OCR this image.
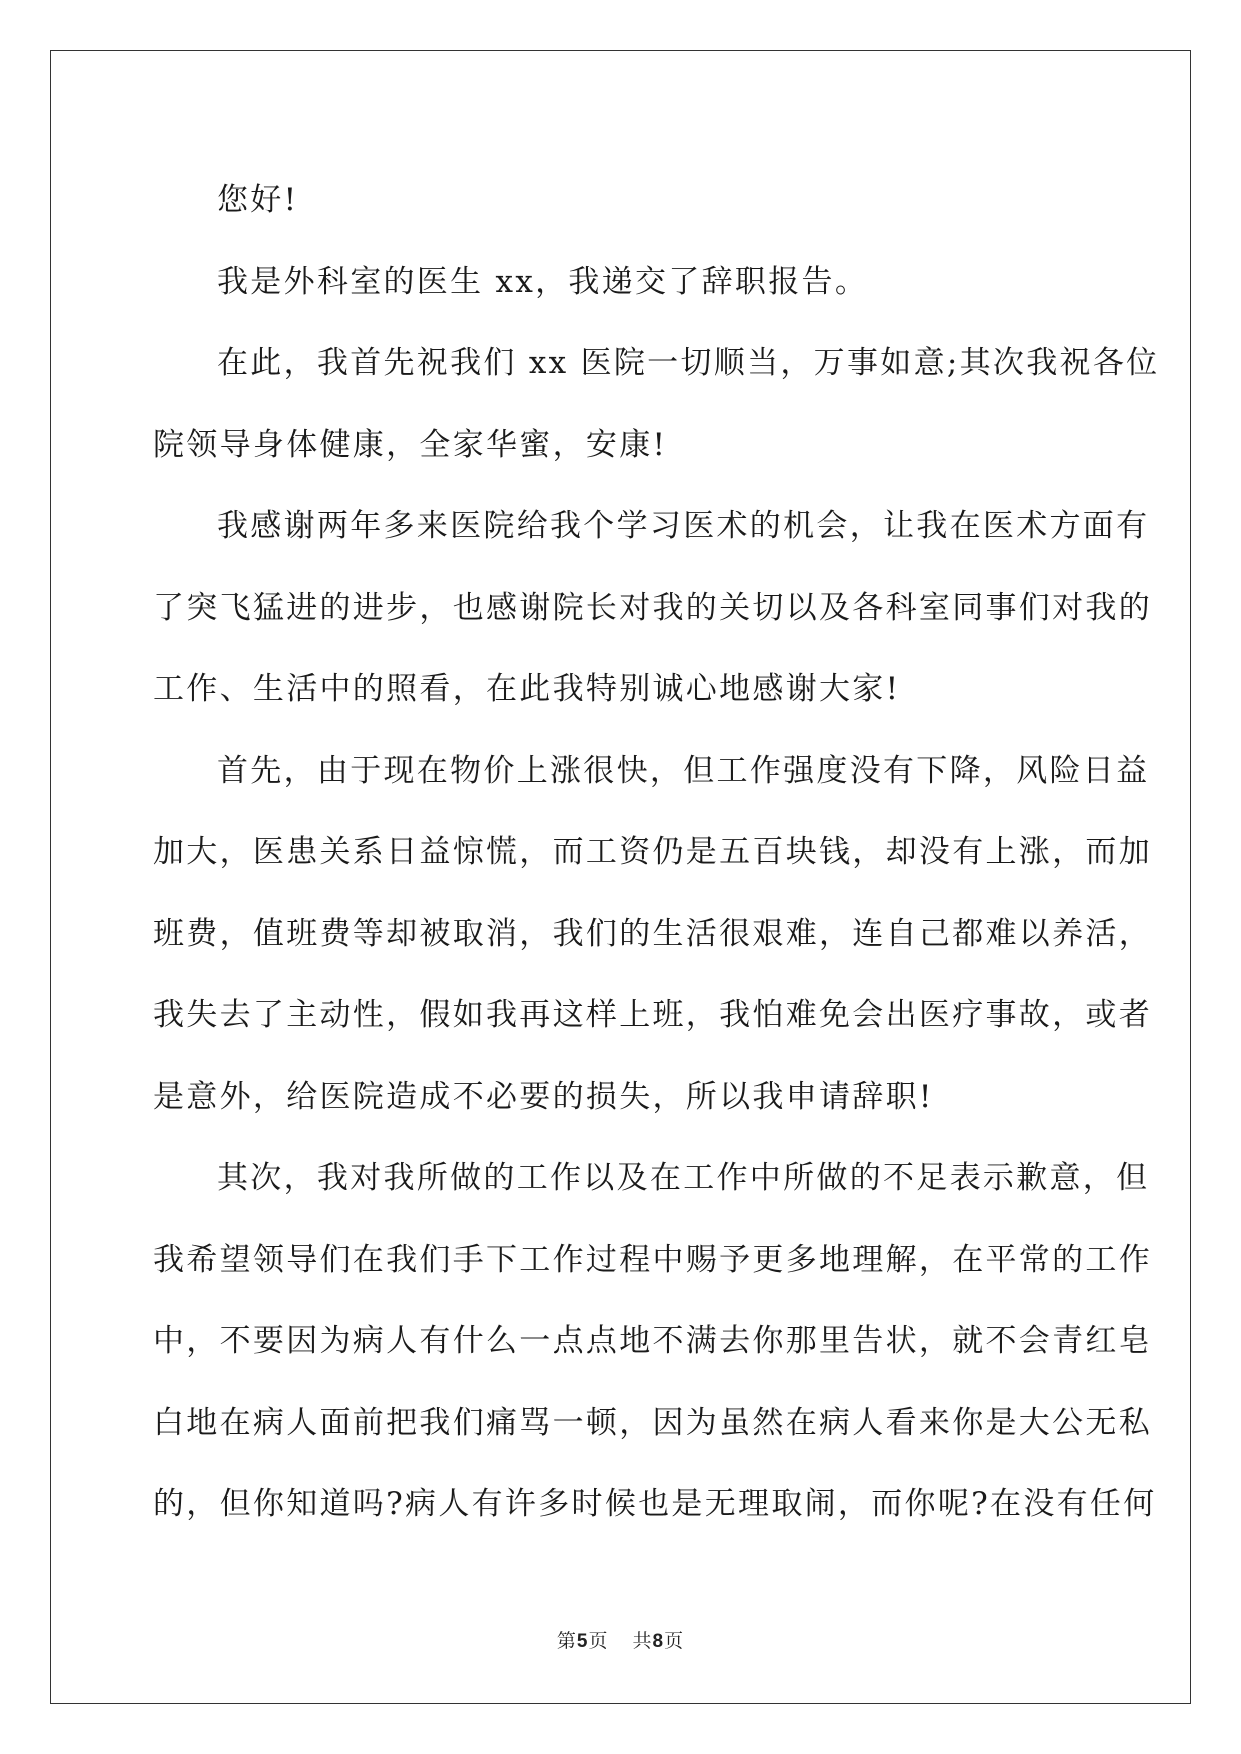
您好!
我是外科室的医生 xx，我递交了辞职报告。
在此，我首先祝我们 xx 医院一切顺当，万事如意;其次我祝各位
院领导身体健康，全家华蜜，安康!
我感谢两年多来医院给我个学习医术的机会，让我在医术方面有
了突飞猛进的进步，也感谢院长对我的关切以及各科室同事们对我的
工作、生活中的照看，在此我特别诚心地感谢大家!
首先，由于现在物价上涨很快，但工作强度没有下降，风险日益
加大，医患关系日益惊慌，而工资仍是五百块钱，却没有上涨，而加
班费，值班费等却被取消，我们的生活很艰难，连自己都难以养活，
我失去了主动性，假如我再这样上班，我怕难免会出医疗事故，或者
是意外，给医院造成不必要的损失，所以我申请辞职!
其次，我对我所做的工作以及在工作中所做的不足表示歉意，但
我希望领导们在我们手下工作过程中赐予更多地理解，在平常的工作
中，不要因为病人有什么一点点地不满去你那里告状，就不会青红皂
白地在病人面前把我们痛骂一顿，因为虽然在病人看来你是大公无私
的，但你知道吗?病人有许多时候也是无理取闹，而你呢?在没有任何
第5页 共8页
